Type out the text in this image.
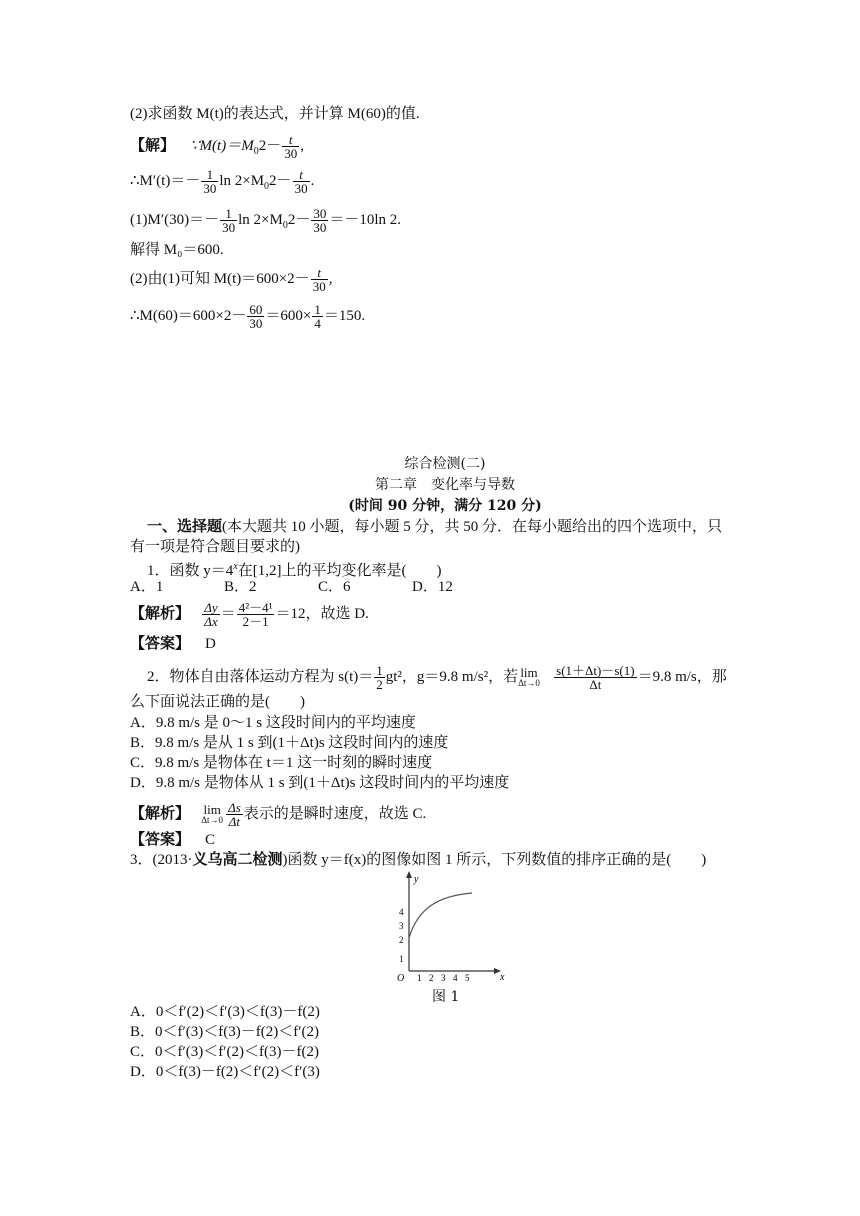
(2)求函数 M(t)的表达式，并计算 M(60)的值.
【解】 $\because M(t)=M_02- \frac{t}{30}$ ,
∴M′(t)＝－ $\frac{1}{30}$ $\ln 2\times M_02- \frac{t}{30}$ .
$(1)M'(30)=- \frac{1}{30}$ $\ln 2\times M_02- \frac{30}{30} =-10\ln$ 2.
解得 M₀＝600.
(2)由(1)可知 $M(t)=600\times 2- \frac{t}{30}$ ,
∴M(60)＝600×2－ $\frac{60}{30} =600\times \frac{1}{4} =150$.
综合检测(二)
第二章　变化率与导数
(时间 90 分钟，满分 120 分)
一、选择题(本大题共 10 小题，每小题 5 分，共 50 分．在每小题给出的四个选项中，只
有一项是符合题目要求的)
1．函数 $y=4^x$在[1,2]上的平均变化率是(　　)
A．1	B．2	C．6	D．12
【解析】 $\frac{\Delta y}{\Delta x} = \frac{\text{4²－4¹}}{2-1} =12$，故选 D.
【答案】 D
2．物体自由落体运动方程为 $s(t)= \frac{1}{2} gt^2$，g＝9.8 m/s²，若 lim
Δt→0
$\frac{s(1+\Delta t)-s(1)}{\Delta t} =9.8$ m/s，那
么下面说法正确的是(　　)
A．9.8 m/s 是 0～1 s 这段时间内的平均速度
B．9.8 m/s 是从 1 s 到(1＋Δt)s 这段时间内的速度
C．9.8 m/s 是物体在 t＝1 这一时刻的瞬时速度
D．9.8 m/s 是物体从 1 s 到(1＋Δt)s 这段时间内的平均速度
【解析】 lim
$\Delta t\to 0 \frac{\Delta s}{\Delta t}$ 表示的是瞬时速度，故选 C.
【答案】 C
3．(2013·义乌高二检测)函数 y＝f(x)的图像如图 1 所示，下列数值的排序正确的是(　　)
y
x
O 1 2 3 4 5
1
2
3
4
图 1
A．0＜f′(2)＜f′(3)＜f(3)－f(2)
B．0＜f′(3)＜f(3)－f(2)＜f′(2)
C．0＜f′(3)＜f′(2)＜f(3)－f(2)
D．0＜f(3)－f(2)＜f′(2)＜f′(3)
